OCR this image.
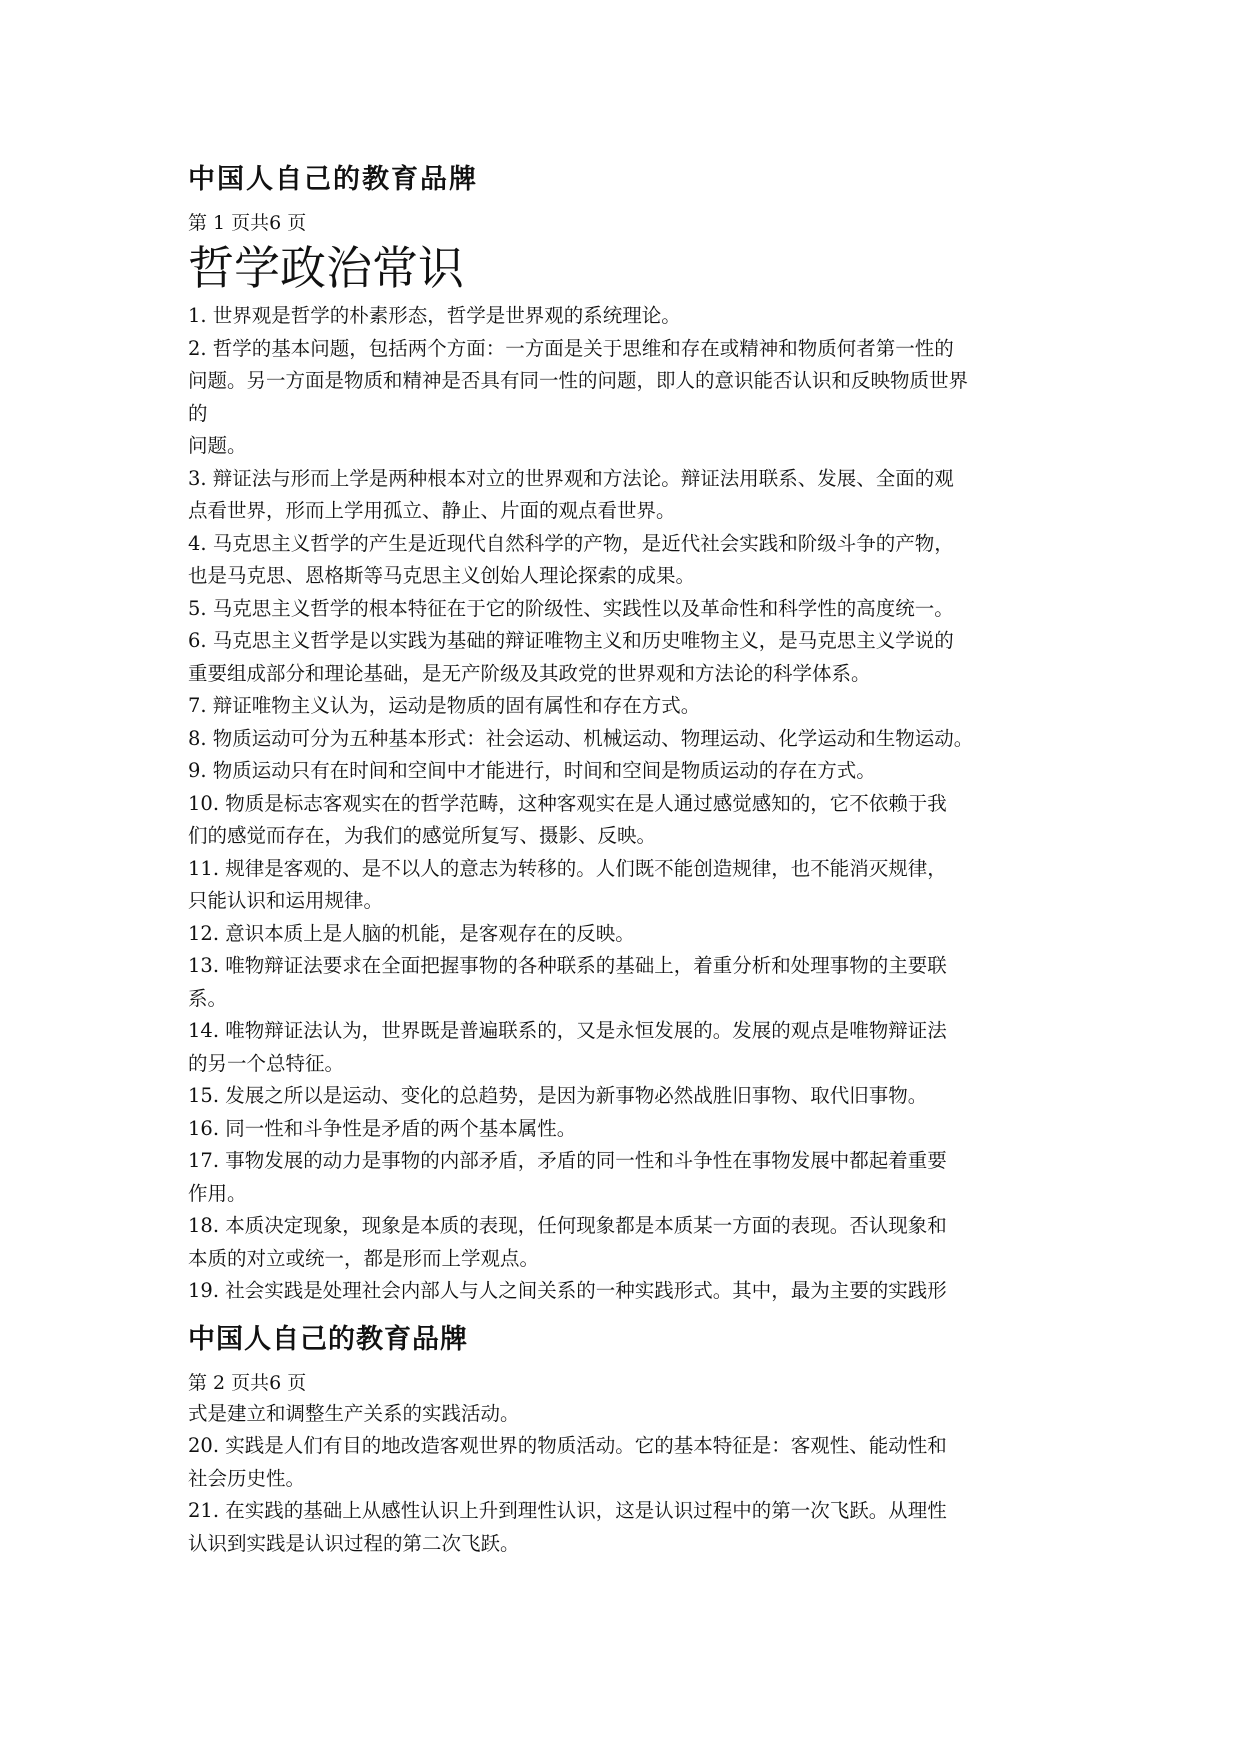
中国人自己的教育品牌

第 1 页共6 页

哲学政治常识

1. 世界观是哲学的朴素形态，哲学是世界观的系统理论。

2. 哲学的基本问题，包括两个方面：一方面是关于思维和存在或精神和物质何者第一性的

问题。另一方面是物质和精神是否具有同一性的问题，即人的意识能否认识和反映物质世界

的

问题。

3. 辩证法与形而上学是两种根本对立的世界观和方法论。辩证法用联系、发展、全面的观

点看世界，形而上学用孤立、静止、片面的观点看世界。

4. 马克思主义哲学的产生是近现代自然科学的产物，是近代社会实践和阶级斗争的产物，

也是马克思、恩格斯等马克思主义创始人理论探索的成果。

5. 马克思主义哲学的根本特征在于它的阶级性、实践性以及革命性和科学性的高度统一。

6. 马克思主义哲学是以实践为基础的辩证唯物主义和历史唯物主义，是马克思主义学说的

重要组成部分和理论基础，是无产阶级及其政党的世界观和方法论的科学体系。

7. 辩证唯物主义认为，运动是物质的固有属性和存在方式。

8. 物质运动可分为五种基本形式：社会运动、机械运动、物理运动、化学运动和生物运动。

9. 物质运动只有在时间和空间中才能进行，时间和空间是物质运动的存在方式。

10. 物质是标志客观实在的哲学范畴，这种客观实在是人通过感觉感知的，它不依赖于我

们的感觉而存在，为我们的感觉所复写、摄影、反映。

11. 规律是客观的、是不以人的意志为转移的。人们既不能创造规律，也不能消灭规律，

只能认识和运用规律。

12. 意识本质上是人脑的机能，是客观存在的反映。

13. 唯物辩证法要求在全面把握事物的各种联系的基础上，着重分析和处理事物的主要联

系。

14. 唯物辩证法认为，世界既是普遍联系的，又是永恒发展的。发展的观点是唯物辩证法

的另一个总特征。

15. 发展之所以是运动、变化的总趋势，是因为新事物必然战胜旧事物、取代旧事物。

16. 同一性和斗争性是矛盾的两个基本属性。

17. 事物发展的动力是事物的内部矛盾，矛盾的同一性和斗争性在事物发展中都起着重要

作用。

18. 本质决定现象，现象是本质的表现，任何现象都是本质某一方面的表现。否认现象和

本质的对立或统一，都是形而上学观点。

19. 社会实践是处理社会内部人与人之间关系的一种实践形式。其中，最为主要的实践形

中国人自己的教育品牌

第 2 页共6 页

式是建立和调整生产关系的实践活动。

20. 实践是人们有目的地改造客观世界的物质活动。它的基本特征是：客观性、能动性和

社会历史性。

21. 在实践的基础上从感性认识上升到理性认识，这是认识过程中的第一次飞跃。从理性

认识到实践是认识过程的第二次飞跃。
